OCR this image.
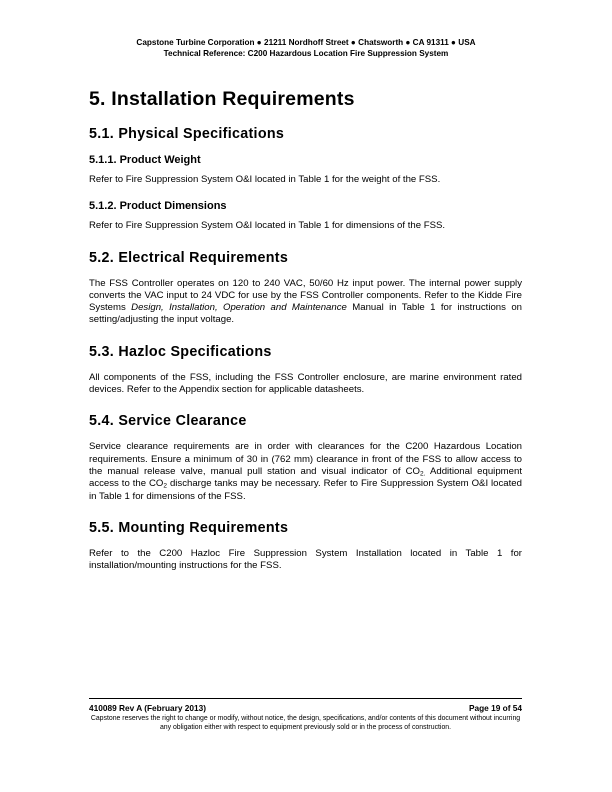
Capstone Turbine Corporation ● 21211 Nordhoff Street ● Chatsworth ● CA 91311 ● USA
Technical Reference: C200 Hazardous Location Fire Suppression System
5. Installation Requirements
5.1. Physical Specifications
5.1.1. Product Weight

Refer to Fire Suppression System O&I located in Table 1 for the weight of the FSS.

5.1.2. Product Dimensions

Refer to Fire Suppression System O&I located in Table 1 for dimensions of the FSS.

5.2. Electrical Requirements

The FSS Controller operates on 120 to 240 VAC, 50/60 Hz input power. The internal power supply converts the VAC input to 24 VDC for use by the FSS Controller components. Refer to the Kidde Fire Systems Design, Installation, Operation and Maintenance Manual in Table 1 for instructions on setting/adjusting the input voltage.

5.3. Hazloc Specifications

All components of the FSS, including the FSS Controller enclosure, are marine environment rated devices. Refer to the Appendix section for applicable datasheets.

5.4. Service Clearance

Service clearance requirements are in order with clearances for the C200 Hazardous Location requirements. Ensure a minimum of 30 in (762 mm) clearance in front of the FSS to allow access to the manual release valve, manual pull station and visual indicator of $CO_{2.}$ Additional equipment access to the $CO_2$ discharge tanks may be necessary. Refer to Fire Suppression System O&I located in Table 1 for dimensions of the FSS.

5.5. Mounting Requirements

Refer to the C200 Hazloc Fire Suppression System Installation located in Table 1 for installation/mounting instructions for the FSS.

410089 Rev A (February 2013)	Page 19 of 54
Capstone reserves the right to change or modify, without notice, the design, specifications, and/or contents of this document without incurring any obligation either with respect to equipment previously sold or in the process of construction.
